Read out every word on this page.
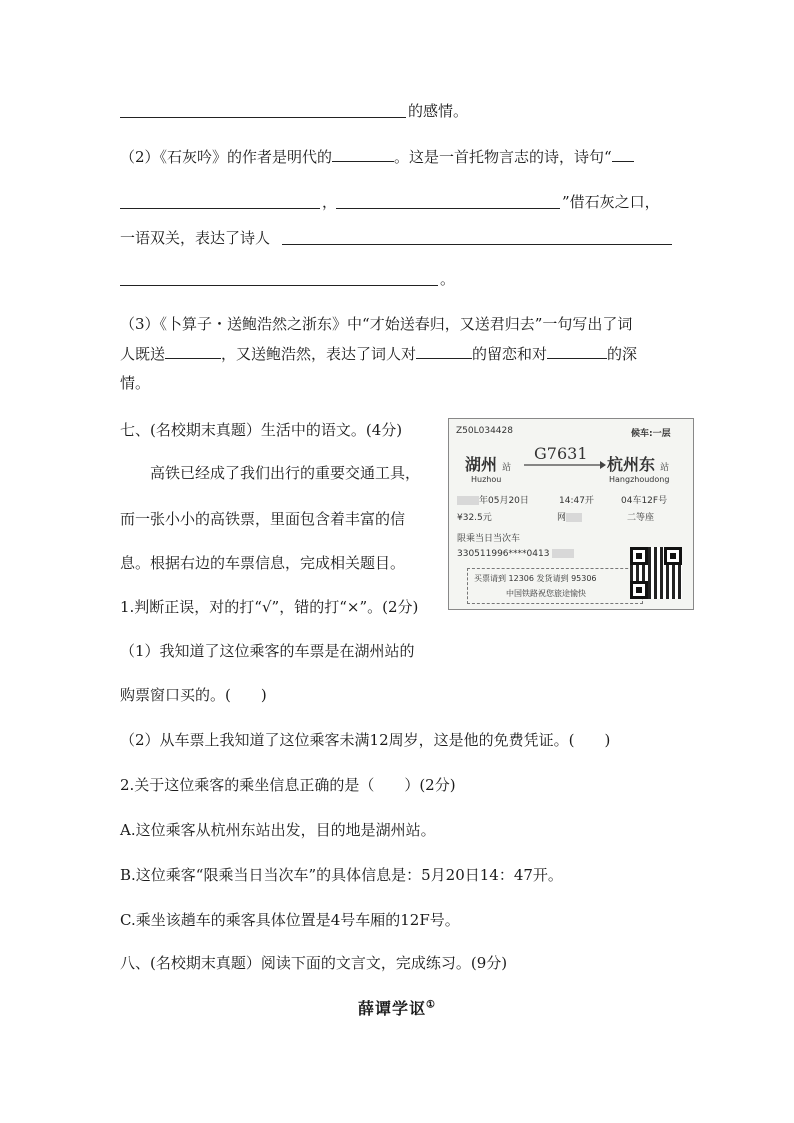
的感情。
（2）《石灰吟》的作者是明代的	。这是一首托物言志的诗，诗句“
，	”借石灰之口，
一语双关，表达了诗人
。
（3）《卜算子・送鲍浩然之浙东》中“才始送春归，又送君归去”一句写出了词
人既送	，又送鲍浩然，表达了词人对	的留恋和对	的深
情。
七、(名校期末真题）生活中的语文。(4分)
高铁已经成了我们出行的重要交通工具，
而一张小小的高铁票，里面包含着丰富的信
息。根据右边的车票信息，完成相关题目。
1.判断正误，对的打“√”，错的打“×”。(2分)
（1）我知道了这位乘客的车票是在湖州站的
购票窗口买的。(　　)
（2）从车票上我知道了这位乘客未满12周岁，这是他的免费凭证。(　　)
2.关于这位乘客的乘坐信息正确的是（　　）(2分)
A.这位乘客从杭州东站出发，目的地是湖州站。
B.这位乘客“限乘当日当次车”的具体信息是：5月20日14：47开。
C.乘坐该趟车的乘客具体位置是4号车厢的12F号。
Z50L034428	候车:一层
湖州 站
Huzhou
G7631
杭州东 站
Hangzhoudong
年05月20日	14:47开	04车12F号
¥32.5元	网	二等座
限乘当日当次车
330511996****0413
买票请到 12306 发货请到 95306
中国铁路祝您旅途愉快
八、(名校期末真题）阅读下面的文言文，完成练习。(9分)
薛谭学讴①
